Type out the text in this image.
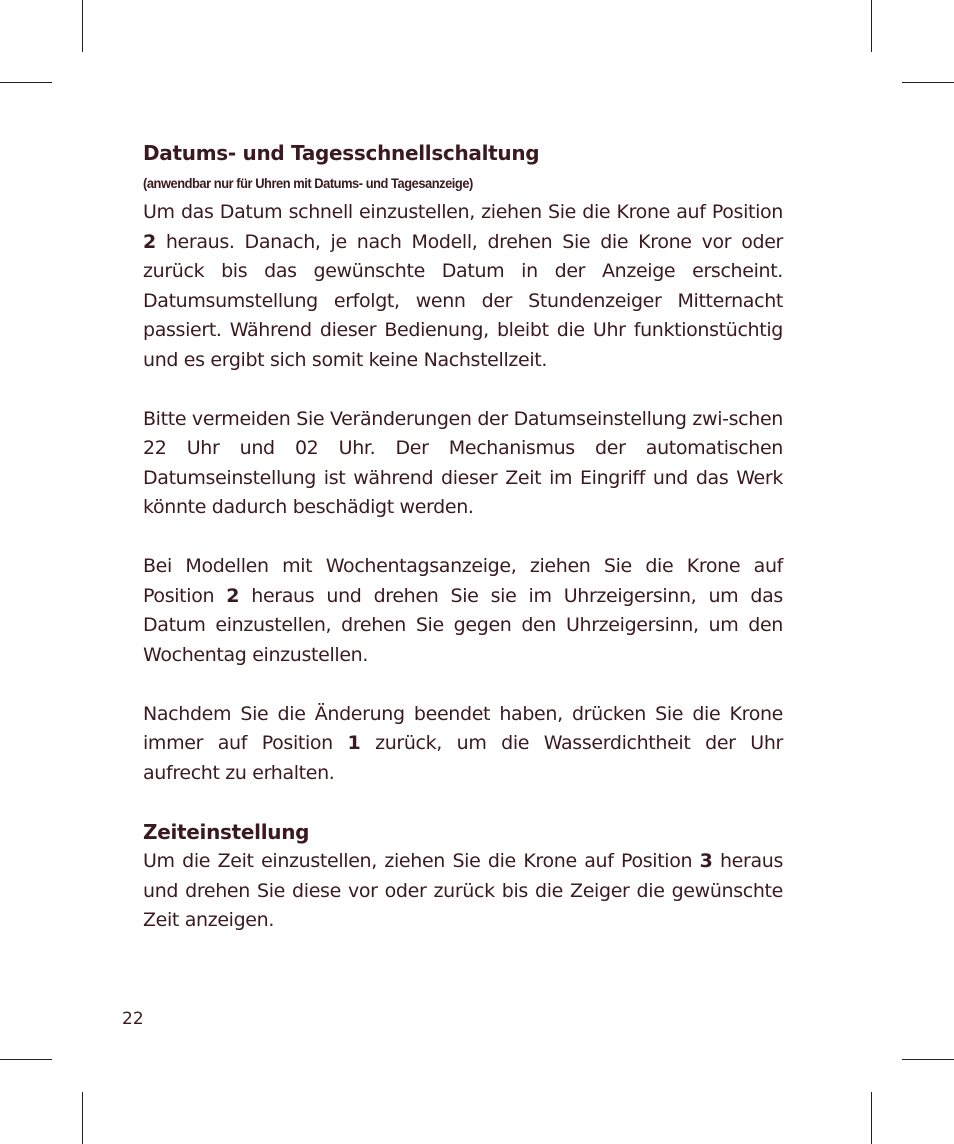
Datums- und Tagesschnellschaltung
(anwendbar nur für Uhren mit Datums- und Tagesanzeige)

Um das Datum schnell einzustellen, ziehen Sie die Krone auf Position 2 heraus. Danach, je nach Modell, drehen Sie die Krone vor oder zurück bis das gewünschte Datum in der Anzeige erscheint. Datumsumstellung erfolgt, wenn der Stundenzeiger Mitternacht passiert. Während dieser Bedienung, bleibt die Uhr funktionstüchtig und es ergibt sich somit keine Nachstellzeit.

Bitte vermeiden Sie Veränderungen der Datumseinstellung zwi-schen 22 Uhr und 02 Uhr. Der Mechanismus der automatischen Datumseinstellung ist während dieser Zeit im Eingriff und das Werk könnte dadurch beschädigt werden.

Bei Modellen mit Wochentagsanzeige, ziehen Sie die Krone auf Position 2 heraus und drehen Sie sie im Uhrzeigersinn, um das Datum einzustellen, drehen Sie gegen den Uhrzeigersinn, um den Wochentag einzustellen.

Nachdem Sie die Änderung beendet haben, drücken Sie die Krone immer auf Position 1 zurück, um die Wasserdichtheit der Uhr aufrecht zu erhalten.

Zeiteinstellung

Um die Zeit einzustellen, ziehen Sie die Krone auf Position 3 heraus und drehen Sie diese vor oder zurück bis die Zeiger die gewünschte Zeit anzeigen.

22
